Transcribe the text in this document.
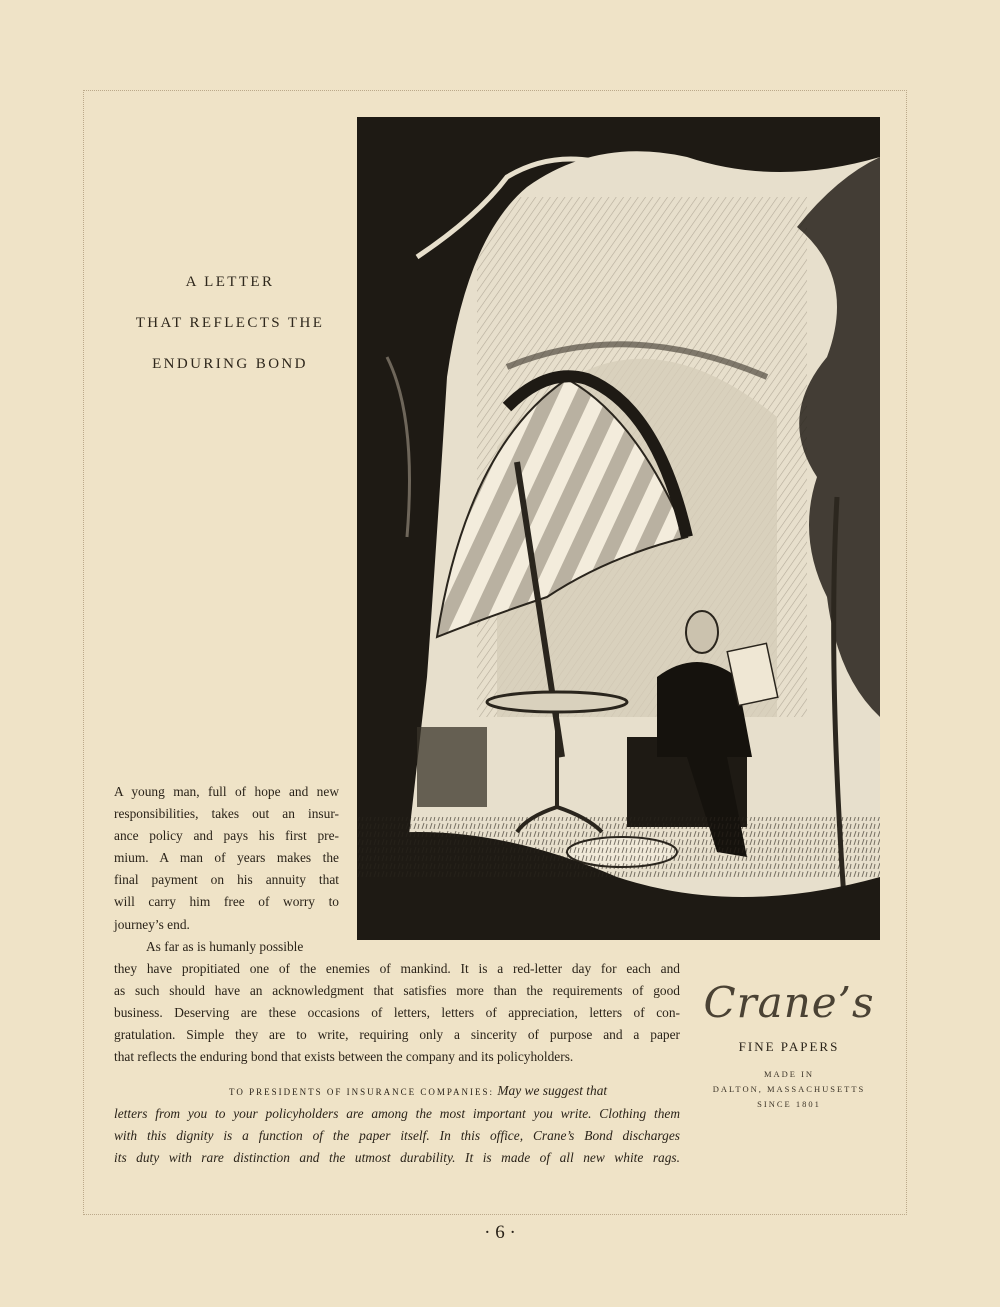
A LETTER
THAT REFLECTS THE
ENDURING BOND
A young man, full of hope and new
responsibilities, takes out an insur-
ance policy and pays his first pre-
mium. A man of years makes the
final payment on his annuity that
will carry him free of worry to
journey’s end.
As far as is humanly possible
they have propitiated one of the enemies of mankind. It is a red-letter day for each and
as such should have an acknowledgment that satisfies more than the requirements of good
business. Deserving are these occasions of letters, letters of appreciation, letters of con-
gratulation. Simple they are to write, requiring only a sincerity of purpose and a paper
that reflects the enduring bond that exists between the company and its policyholders.
TO PRESIDENTS OF INSURANCE COMPANIES: May we suggest that
letters from you to your policyholders are among the most important you write. Clothing them
with this dignity is a function of the paper itself. In this office, Crane’s Bond discharges
its duty with rare distinction and the utmost durability. It is made of all new white rags.
Crane’s
FINE PAPERS
MADE IN
DALTON, MASSACHUSETTS
SINCE 1801
· 6 ·
